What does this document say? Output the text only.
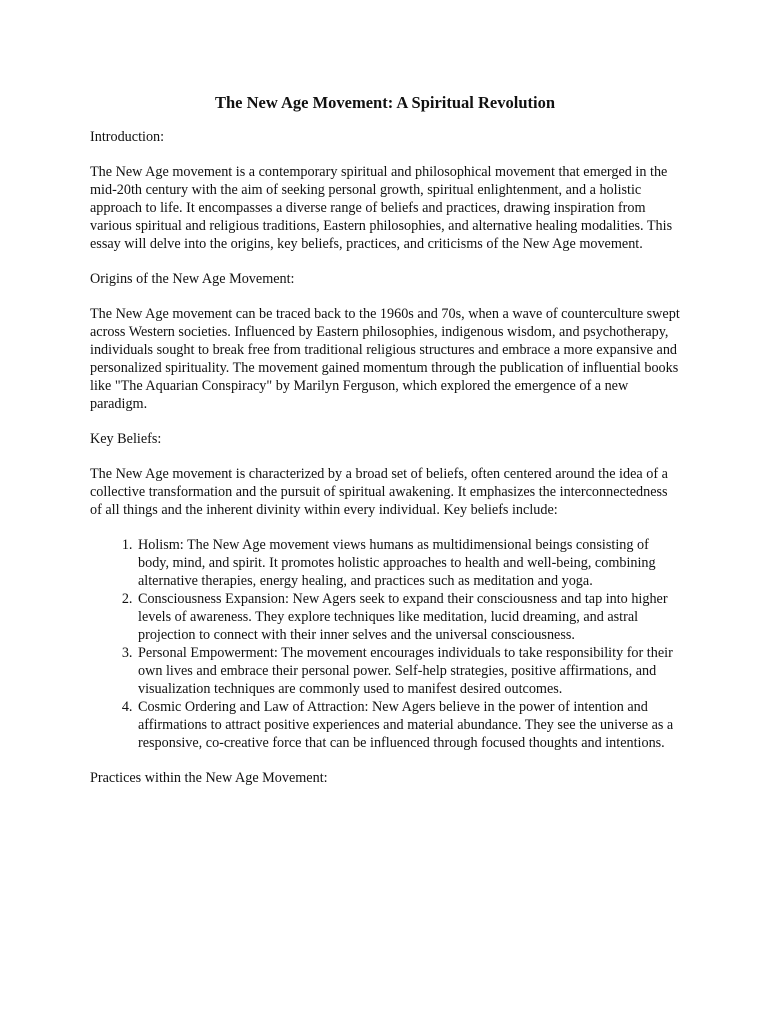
The New Age Movement: A Spiritual Revolution

Introduction:

The New Age movement is a contemporary spiritual and philosophical movement that emerged in the mid-20th century with the aim of seeking personal growth, spiritual enlightenment, and a holistic approach to life. It encompasses a diverse range of beliefs and practices, drawing inspiration from various spiritual and religious traditions, Eastern philosophies, and alternative healing modalities. This essay will delve into the origins, key beliefs, practices, and criticisms of the New Age movement.

Origins of the New Age Movement:

The New Age movement can be traced back to the 1960s and 70s, when a wave of counterculture swept across Western societies. Influenced by Eastern philosophies, indigenous wisdom, and psychotherapy, individuals sought to break free from traditional religious structures and embrace a more expansive and personalized spirituality. The movement gained momentum through the publication of influential books like "The Aquarian Conspiracy" by Marilyn Ferguson, which explored the emergence of a new paradigm.

Key Beliefs:

The New Age movement is characterized by a broad set of beliefs, often centered around the idea of a collective transformation and the pursuit of spiritual awakening. It emphasizes the interconnectedness of all things and the inherent divinity within every individual. Key beliefs include:

1. Holism: The New Age movement views humans as multidimensional beings consisting of body, mind, and spirit. It promotes holistic approaches to health and well-being, combining alternative therapies, energy healing, and practices such as meditation and yoga.
2. Consciousness Expansion: New Agers seek to expand their consciousness and tap into higher levels of awareness. They explore techniques like meditation, lucid dreaming, and astral projection to connect with their inner selves and the universal consciousness.
3. Personal Empowerment: The movement encourages individuals to take responsibility for their own lives and embrace their personal power. Self-help strategies, positive affirmations, and visualization techniques are commonly used to manifest desired outcomes.
4. Cosmic Ordering and Law of Attraction: New Agers believe in the power of intention and affirmations to attract positive experiences and material abundance. They see the universe as a responsive, co-creative force that can be influenced through focused thoughts and intentions.

Practices within the New Age Movement:
